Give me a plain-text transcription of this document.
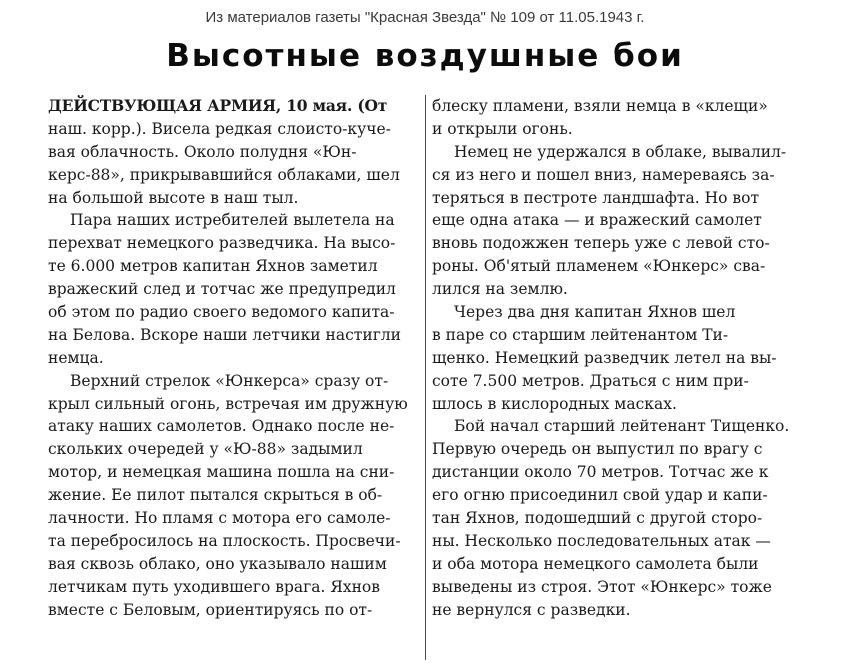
Из материалов газеты "Красная Звезда" № 109 от 11.05.1943 г.
Высотные воздушные бои
ДЕЙСТВУЮЩАЯ АРМИЯ, 10 мая. (От
наш. корр.). Висела редкая слоисто-куче-
вая облачность. Около полудня «Юн-
керс-88», прикрывавшийся облаками, шел
на большой высоте в наш тыл.
Пара наших истребителей вылетела на
перехват немецкого разведчика. На высо-
те 6.000 метров капитан Яхнов заметил
вражеский след и тотчас же предупредил
об этом по радио своего ведомого капита-
на Белова. Вскоре наши летчики настигли
немца.
Верхний стрелок «Юнкерса» сразу от-
крыл сильный огонь, встречая им дружную
атаку наших самолетов. Однако после не-
скольких очередей у «Ю-88» задымил
мотор, и немецкая машина пошла на сни-
жение. Ее пилот пытался скрыться в об-
лачности. Но пламя с мотора его самоле-
та перебросилось на плоскость. Просвечи-
вая сквозь облако, оно указывало нашим
летчикам путь уходившего врага. Яхнов
вместе с Беловым, ориентируясь по от-
блеску пламени, взяли немца в «клещи»
и открыли огонь.
Немец не удержался в облаке, вывалил-
ся из него и пошел вниз, намереваясь за-
теряться в пестроте ландшафта. Но вот
еще одна атака — и вражеский самолет
вновь подожжен теперь уже с левой сто-
роны. Об'ятый пламенем «Юнкерс» сва-
лился на землю.
Через два дня капитан Яхнов шел
в паре со старшим лейтенантом Ти-
щенко. Немецкий разведчик летел на вы-
соте 7.500 метров. Драться с ним при-
шлось в кислородных масках.
Бой начал старший лейтенант Тищенко.
Первую очередь он выпустил по врагу с
дистанции около 70 метров. Тотчас же к
его огню присоединил свой удар и капи-
тан Яхнов, подошедший с другой сторо-
ны. Несколько последовательных атак —
и оба мотора немецкого самолета были
выведены из строя. Этот «Юнкерс» тоже
не вернулся с разведки.
